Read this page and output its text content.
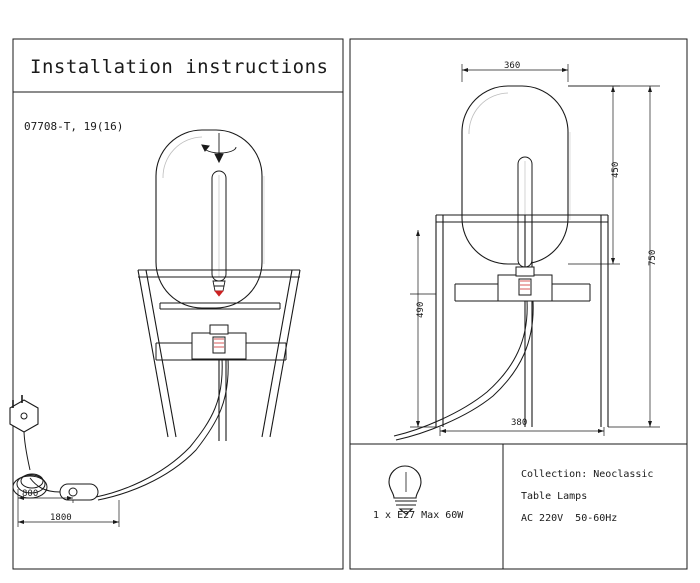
Installation instructions
07708-T, 19(16)
800
1800
360
450
750
490
380
1 x E27 Max 60W
Collection: Neoclassic
Table Lamps
AC 220V  50-60Hz
